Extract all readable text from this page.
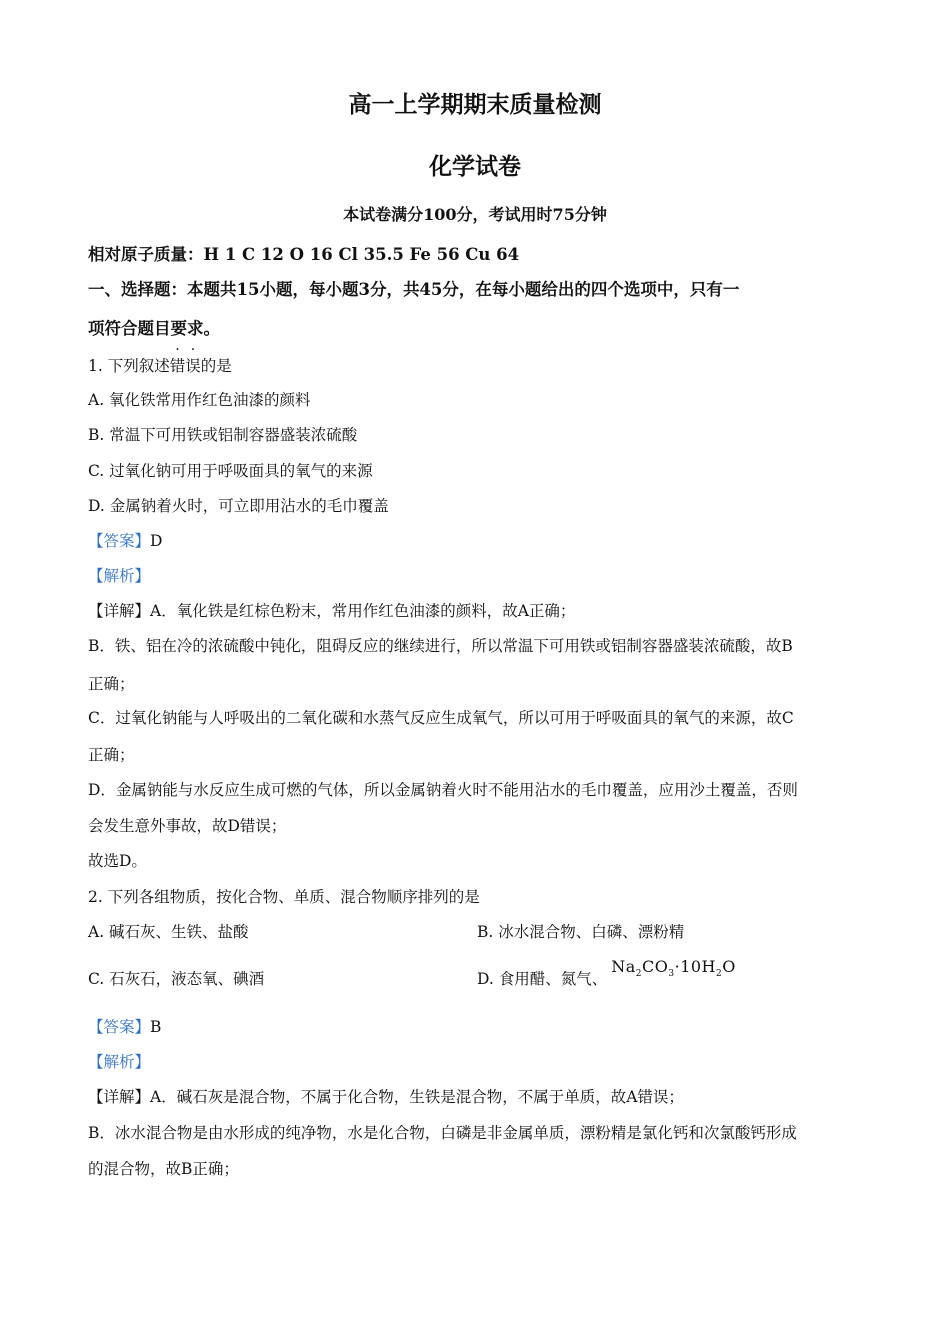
高一上学期期末质量检测
化学试卷
本试卷满分100分，考试用时75分钟
相对原子质量：H 1 C 12 O 16 Cl 35.5 Fe 56 Cu 64
一、选择题：本题共15小题，每小题3分，共45分，在每小题给出的四个选项中，只有一
项符合题目要求。
1. 下列叙述错误的是
A. 氧化铁常用作红色油漆的颜料
B. 常温下可用铁或铝制容器盛装浓硫酸
C. 过氧化钠可用于呼吸面具的氧气的来源
D. 金属钠着火时，可立即用沾水的毛巾覆盖
【答案】D
【解析】
【详解】A．氧化铁是红棕色粉末，常用作红色油漆的颜料，故A正确；
B．铁、铝在冷的浓硫酸中钝化，阻碍反应的继续进行，所以常温下可用铁或铝制容器盛装浓硫酸，故B
正确；
C．过氧化钠能与人呼吸出的二氧化碳和水蒸气反应生成氧气，所以可用于呼吸面具的氧气的来源，故C
正确；
D．金属钠能与水反应生成可燃的气体，所以金属钠着火时不能用沾水的毛巾覆盖，应用沙土覆盖，否则
会发生意外事故，故D错误；
故选D。
2. 下列各组物质，按化合物、单质、混合物顺序排列的是
A. 碱石灰、生铁、盐酸	B. 冰水混合物、白磷、漂粉精
C. 石灰石，液态氧、碘酒	D. 食用醋、氮气、$Na_2CO_3\cdot 10H_2O$
【答案】B
【解析】
【详解】A．碱石灰是混合物，不属于化合物，生铁是混合物，不属于单质，故A错误；
B．冰水混合物是由水形成的纯净物，水是化合物，白磷是非金属单质，漂粉精是氯化钙和次氯酸钙形成
的混合物，故B正确；
